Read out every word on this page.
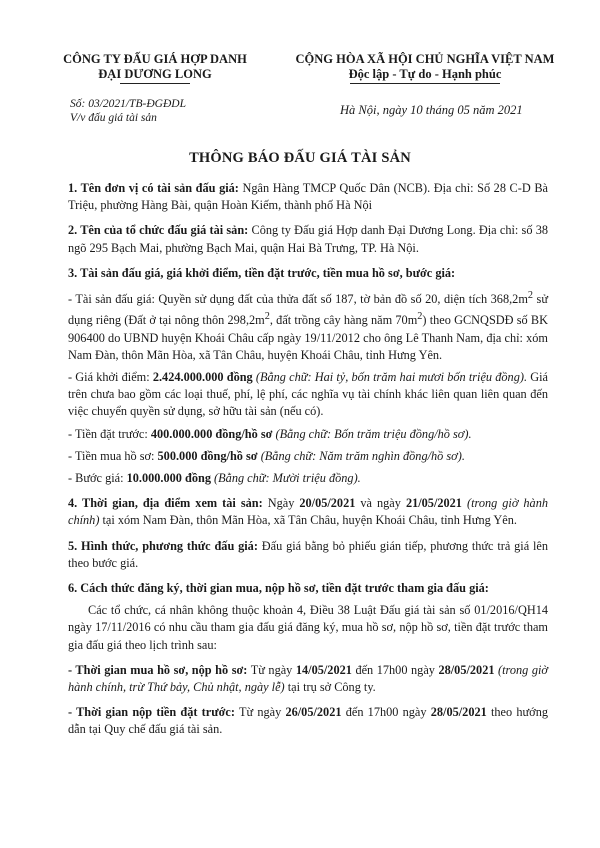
CÔNG TY ĐẤU GIÁ HỢP DANH
ĐẠI DƯƠNG LONG
Số: 03/2021/TB-ĐGĐDL
V/v đấu giá tài sản
CỘNG HÒA XÃ HỘI CHỦ NGHĨA VIỆT NAM
Độc lập - Tự do - Hạnh phúc
Hà Nội, ngày 10 tháng 05 năm 2021
THÔNG BÁO ĐẤU GIÁ TÀI SẢN

1. Tên đơn vị có tài sản đấu giá: Ngân Hàng TMCP Quốc Dân (NCB). Địa chỉ: Số 28 C-D Bà Triệu, phường Hàng Bài, quận Hoàn Kiếm, thành phố Hà Nội

2. Tên của tổ chức đấu giá tài sản: Công ty Đấu giá Hợp danh Đại Dương Long. Địa chỉ: số 38 ngõ 295 Bạch Mai, phường Bạch Mai, quận Hai Bà Trưng, TP. Hà Nội.

3. Tài sản đấu giá, giá khởi điểm, tiền đặt trước, tiền mua hồ sơ, bước giá:

- Tài sản đấu giá: Quyền sử dụng đất của thửa đất số 187, tờ bản đồ số 20, diện tích $368,2m^2$ sử dụng riêng (Đất ở tại nông thôn $298,2m^2$, đất trồng cây hàng năm $70m^2$) theo GCNQSDĐ số BK 906400 do UBND huyện Khoái Châu cấp ngày 19/11/2012 cho ông Lê Thanh Nam, địa chỉ: xóm Nam Đàn, thôn Mãn Hòa, xã Tân Châu, huyện Khoái Châu, tỉnh Hưng Yên.

- Giá khởi điểm: 2.424.000.000 đồng (Bằng chữ: Hai tỷ, bốn trăm hai mươi bốn triệu đồng). Giá trên chưa bao gồm các loại thuế, phí, lệ phí, các nghĩa vụ tài chính khác liên quan liên quan đến việc chuyển quyền sử dụng, sở hữu tài sản (nếu có).

- Tiền đặt trước: 400.000.000 đồng/hồ sơ (Bằng chữ: Bốn trăm triệu đồng/hồ sơ).

- Tiền mua hồ sơ: 500.000 đồng/hồ sơ (Bằng chữ: Năm trăm nghìn đồng/hồ sơ).

- Bước giá: 10.000.000 đồng (Bằng chữ: Mười triệu đồng).

4. Thời gian, địa điểm xem tài sản: Ngày 20/05/2021 và ngày 21/05/2021 (trong giờ hành chính) tại xóm Nam Đàn, thôn Mãn Hòa, xã Tân Châu, huyện Khoái Châu, tỉnh Hưng Yên.

5. Hình thức, phương thức đấu giá: Đấu giá bằng bỏ phiếu gián tiếp, phương thức trả giá lên theo bước giá.

6. Cách thức đăng ký, thời gian mua, nộp hồ sơ, tiền đặt trước tham gia đấu giá:

Các tổ chức, cá nhân không thuộc khoản 4, Điều 38 Luật Đấu giá tài sản số 01/2016/QH14 ngày 17/11/2016 có nhu cầu tham gia đấu giá đăng ký, mua hồ sơ, nộp hồ sơ, tiền đặt trước tham gia đấu giá theo lịch trình sau:

- Thời gian mua hồ sơ, nộp hồ sơ: Từ ngày 14/05/2021 đến 17h00 ngày 28/05/2021 (trong giờ hành chính, trừ Thứ bảy, Chủ nhật, ngày lễ) tại trụ sở Công ty.

- Thời gian nộp tiền đặt trước: Từ ngày 26/05/2021 đến 17h00 ngày 28/05/2021 theo hướng dẫn tại Quy chế đấu giá tài sản.
